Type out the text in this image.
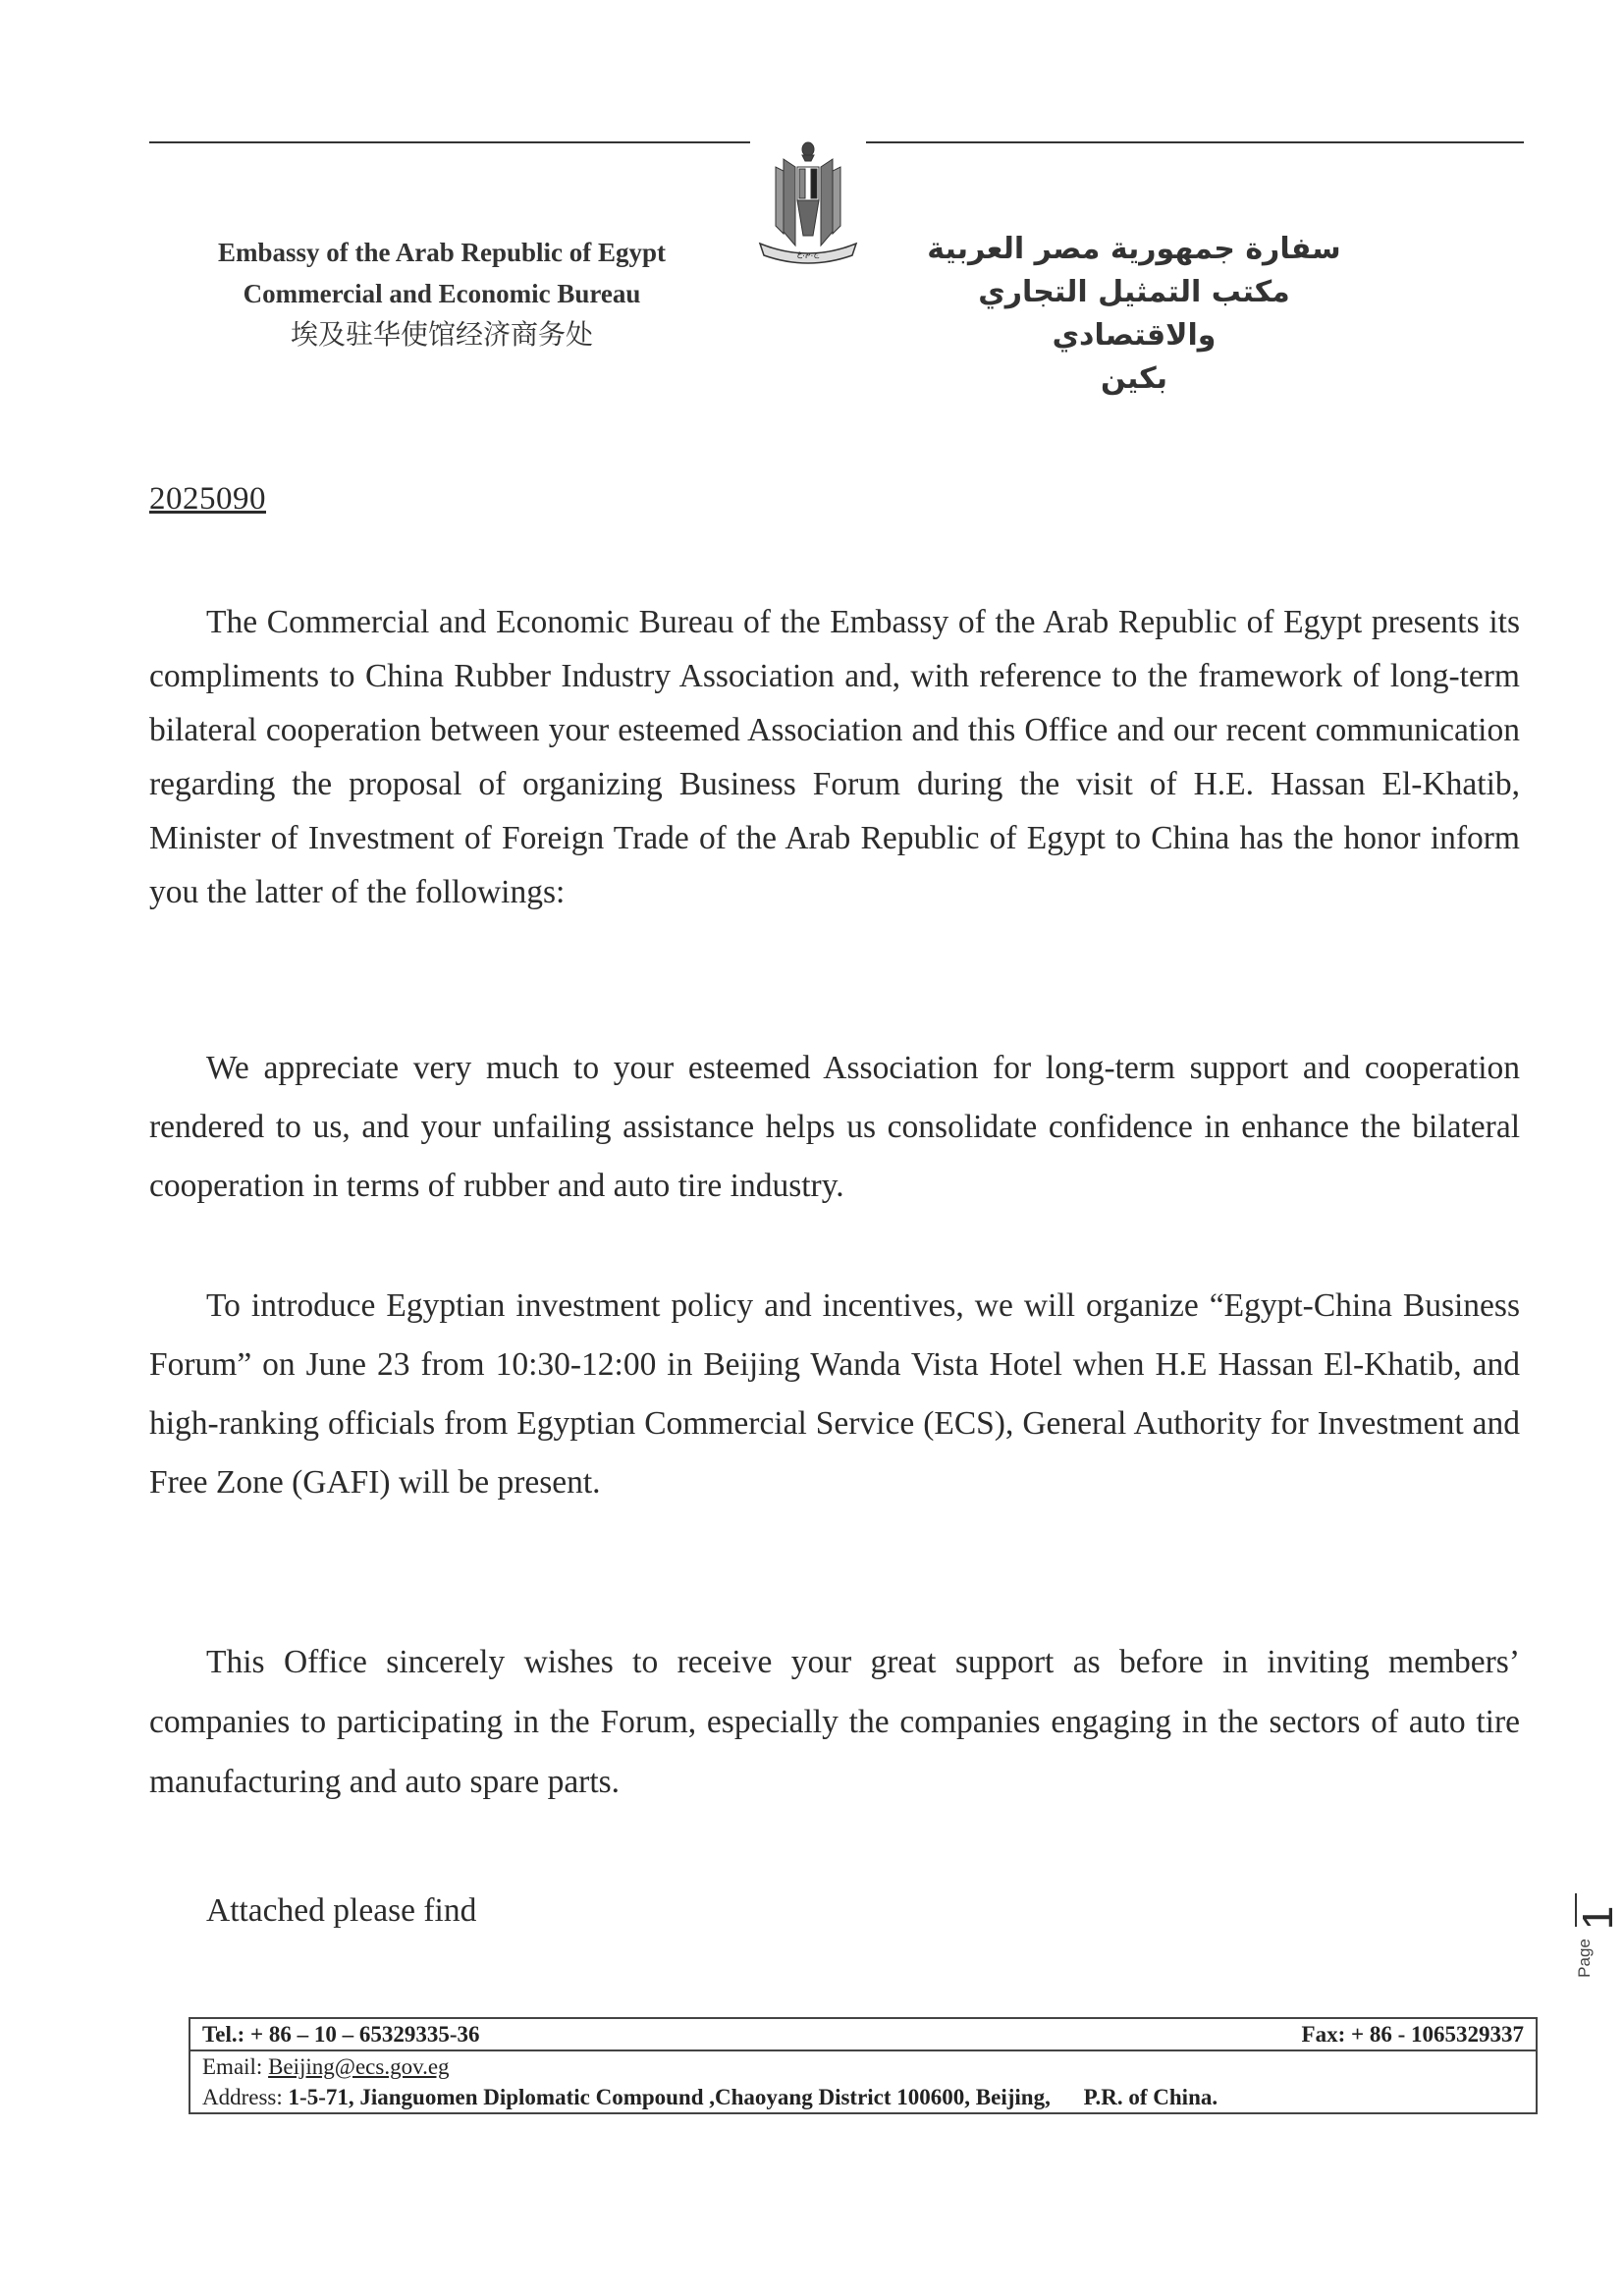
ج.م.ع
Embassy of the Arab Republic of Egypt
Commercial and Economic Bureau
埃及驻华使馆经济商务处
سفارة جمهورية مصر العربية
مكتب التمثيل التجاري والاقتصادي
بكين
2025090
The Commercial and Economic Bureau of the Embassy of the Arab Republic of Egypt presents its compliments to China Rubber Industry Association and, with reference to the framework of long-term bilateral cooperation between your esteemed Association and this Office and our recent communication regarding the proposal of organizing Business Forum during the visit of H.E. Hassan El-Khatib, Minister of Investment of Foreign Trade of the Arab Republic of Egypt to China has the honor inform you the latter of the followings:
We appreciate very much to your esteemed Association for long-term support and cooperation rendered to us, and your unfailing assistance helps us consolidate confidence in enhance the bilateral cooperation in terms of rubber and auto tire industry.
To introduce Egyptian investment policy and incentives, we will organize “Egypt-China Business Forum” on June 23 from 10:30-12:00 in Beijing Wanda Vista Hotel when H.E Hassan El-Khatib, and high-ranking officials from Egyptian Commercial Service (ECS), General Authority for Investment and Free Zone (GAFI) will be present.
This Office sincerely wishes to receive your great support as before in inviting members’ companies to participating in the Forum, especially the companies engaging in the sectors of auto tire manufacturing and auto spare parts.
Attached please find	1
Page
Tel.: + 86 – 10 – 65329335-36	Fax: + 86 - 1065329337
Email: Beijing@ecs.gov.eg
Address: 1-5-71, Jianguomen Diplomatic Compound ,Chaoyang District 100600, Beijing, P.R. of China.
